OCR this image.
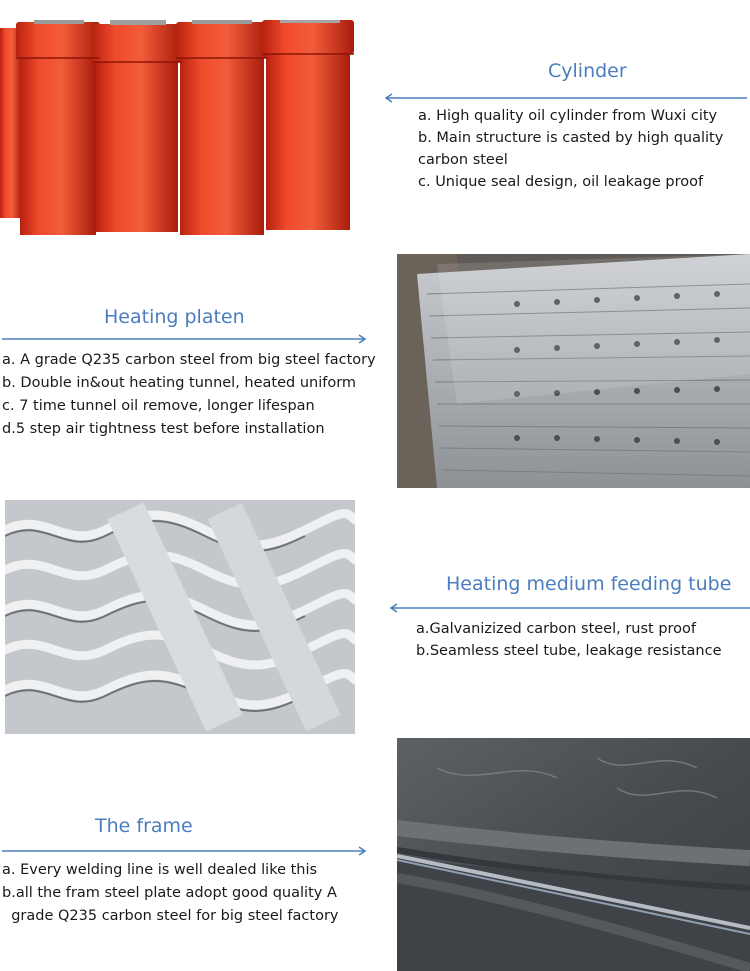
Cylinder
a. High quality oil cylinder from Wuxi city
b. Main structure is casted by high quality
carbon steel
c. Unique seal design, oil leakage proof
Heating platen
a. A grade Q235 carbon steel from big steel factory
b. Double in&out heating tunnel, heated uniform
c. 7 time tunnel oil remove, longer lifespan
d.5 step air tightness test before installation
Heating medium feeding tube
a.Galvanizized carbon steel, rust proof
b.Seamless steel tube, leakage resistance
The frame
a. Every welding line is well dealed like this
b.all the fram steel plate adopt good quality A
grade Q235 carbon steel for big steel factory
